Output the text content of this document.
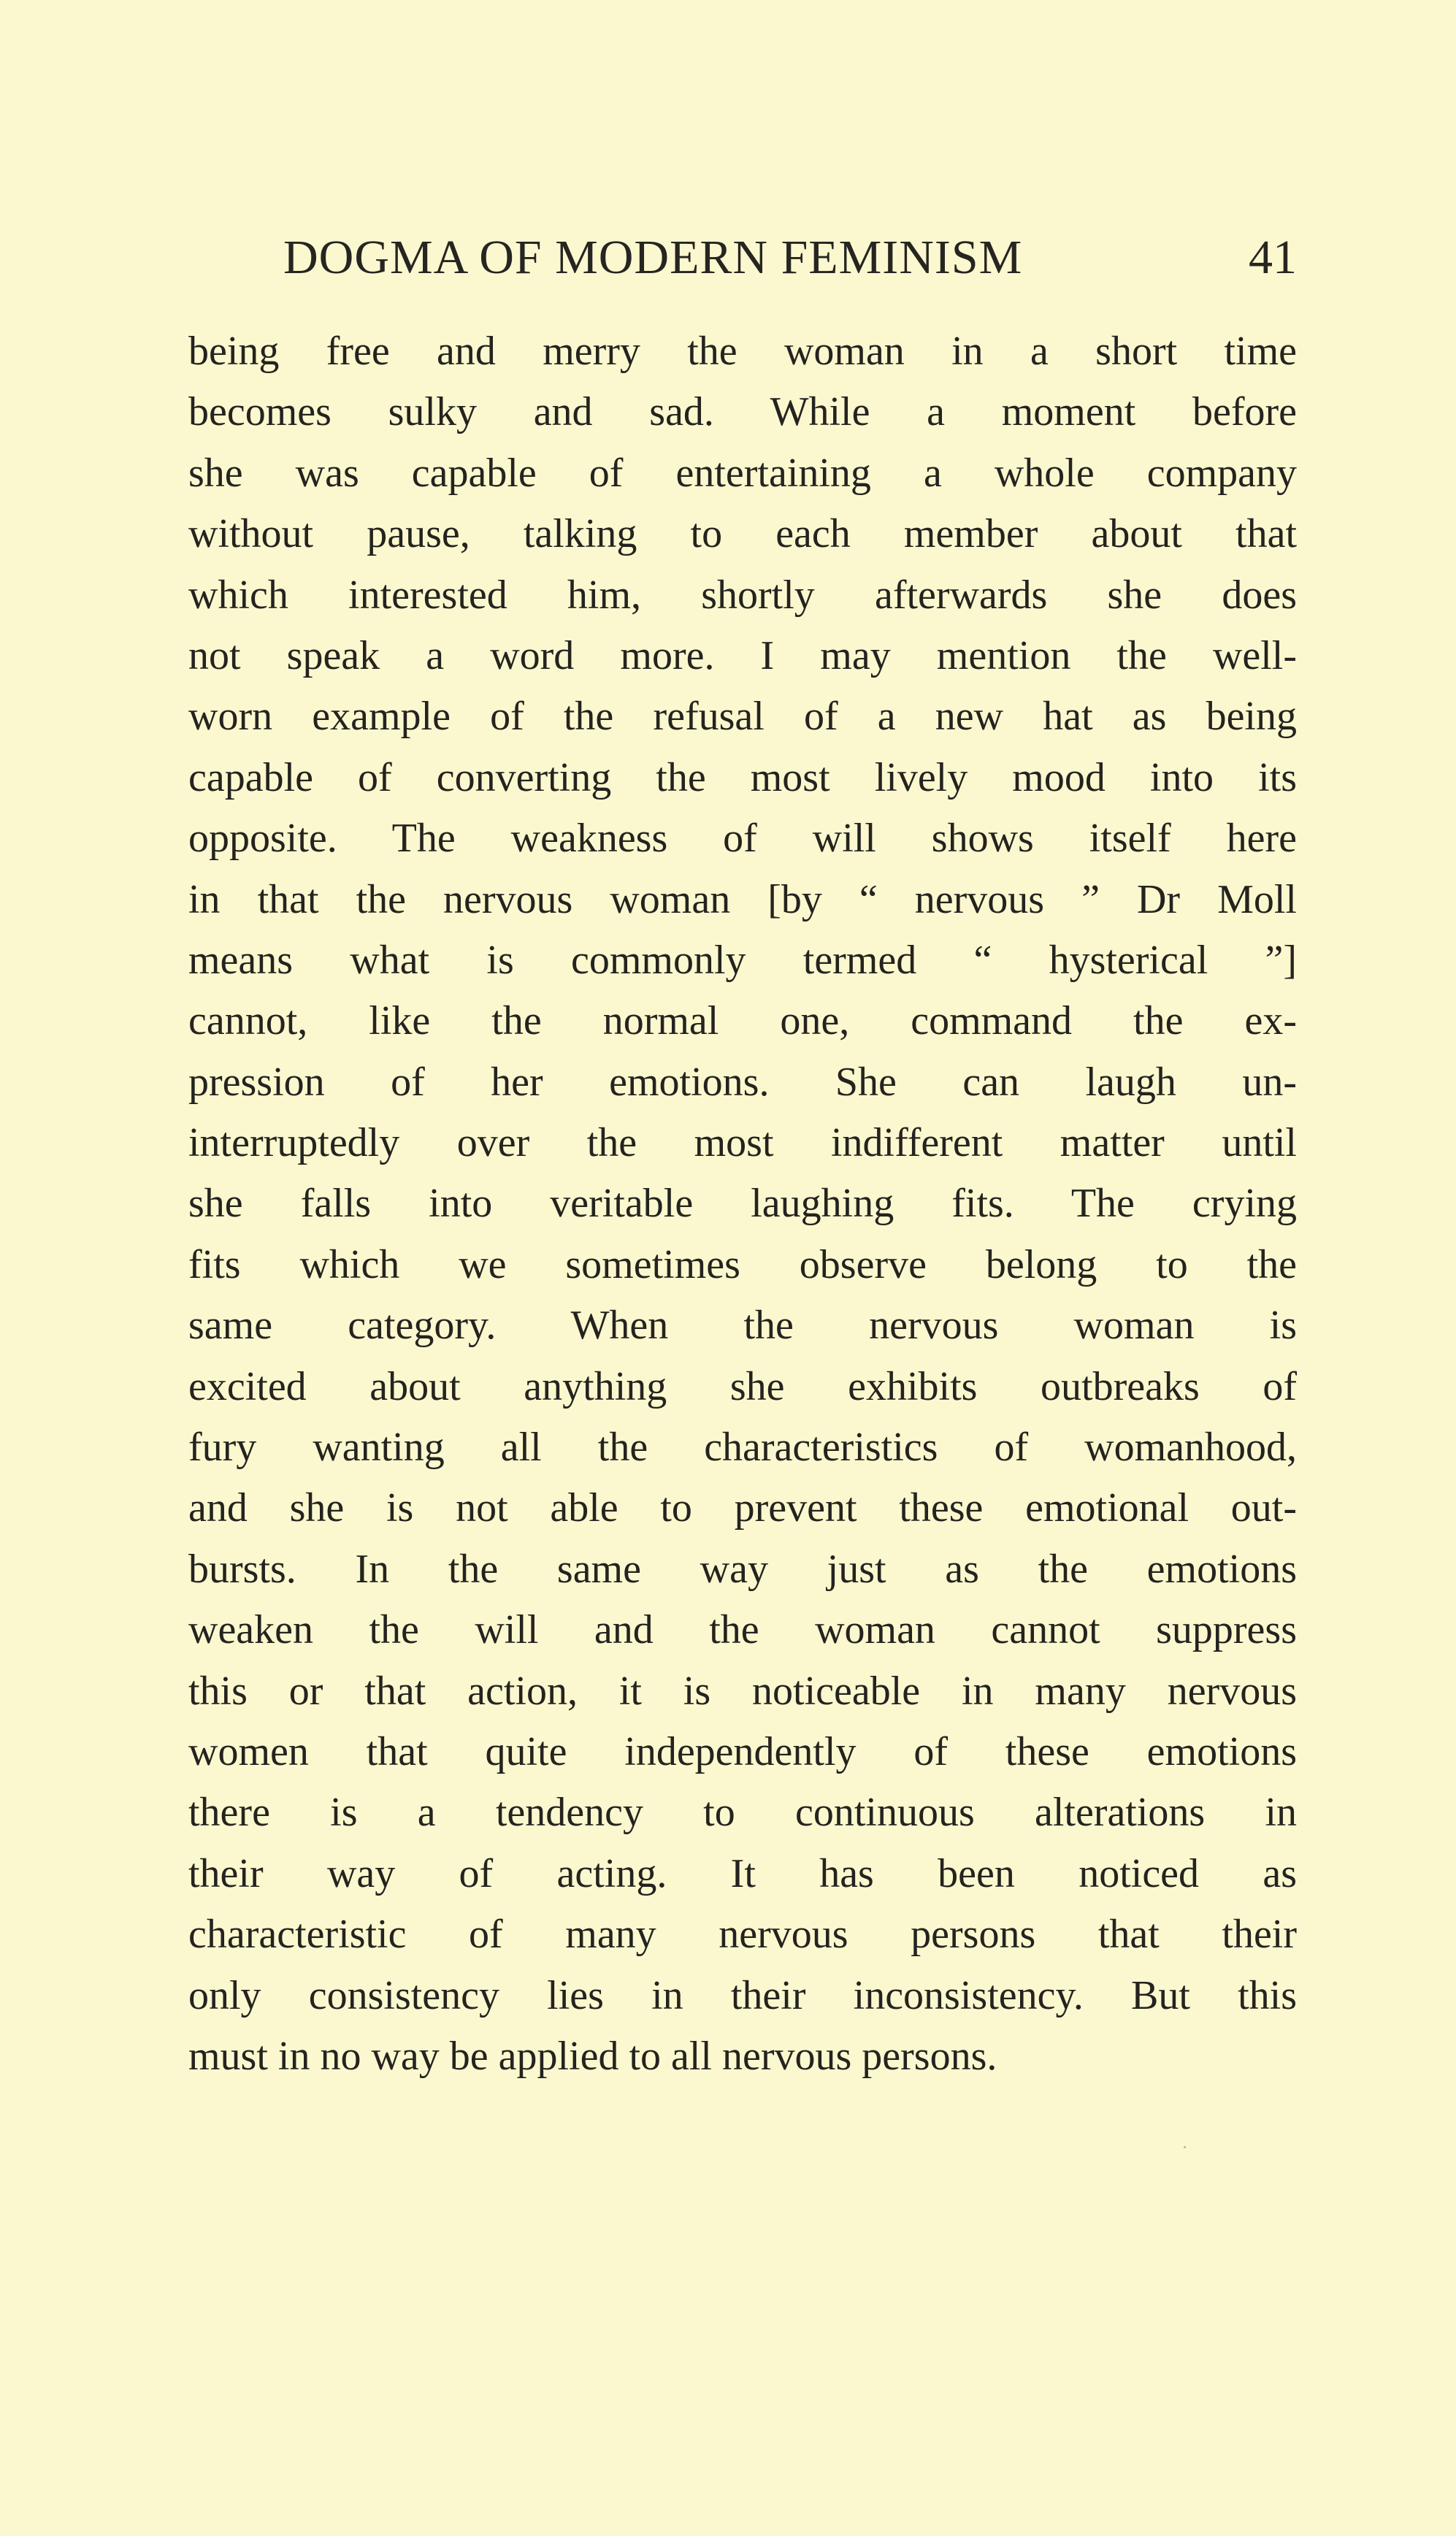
DOGMA OF MODERN FEMINISM	41
being free and merry the woman in a short time
becomes sulky and sad. While a moment before
she was capable of entertaining a whole company
without pause, talking to each member about that
which interested him, shortly afterwards she does
not speak a word more. I may mention the well-
worn example of the refusal of a new hat as being
capable of converting the most lively mood into its
opposite. The weakness of will shows itself here
in that the nervous woman [by “ nervous ” Dr Moll
means what is commonly termed “ hysterical ”]
cannot, like the normal one, command the ex-
pression of her emotions. She can laugh un-
interruptedly over the most indifferent matter until
she falls into veritable laughing fits. The crying
fits which we sometimes observe belong to the
same category. When the nervous woman is
excited about anything she exhibits outbreaks of
fury wanting all the characteristics of womanhood,
and she is not able to prevent these emotional out-
bursts. In the same way just as the emotions
weaken the will and the woman cannot suppress
this or that action, it is noticeable in many nervous
women that quite independently of these emotions
there is a tendency to continuous alterations in
their way of acting. It has been noticed as
characteristic of many nervous persons that their
only consistency lies in their inconsistency. But this
must in no way be applied to all nervous persons.
